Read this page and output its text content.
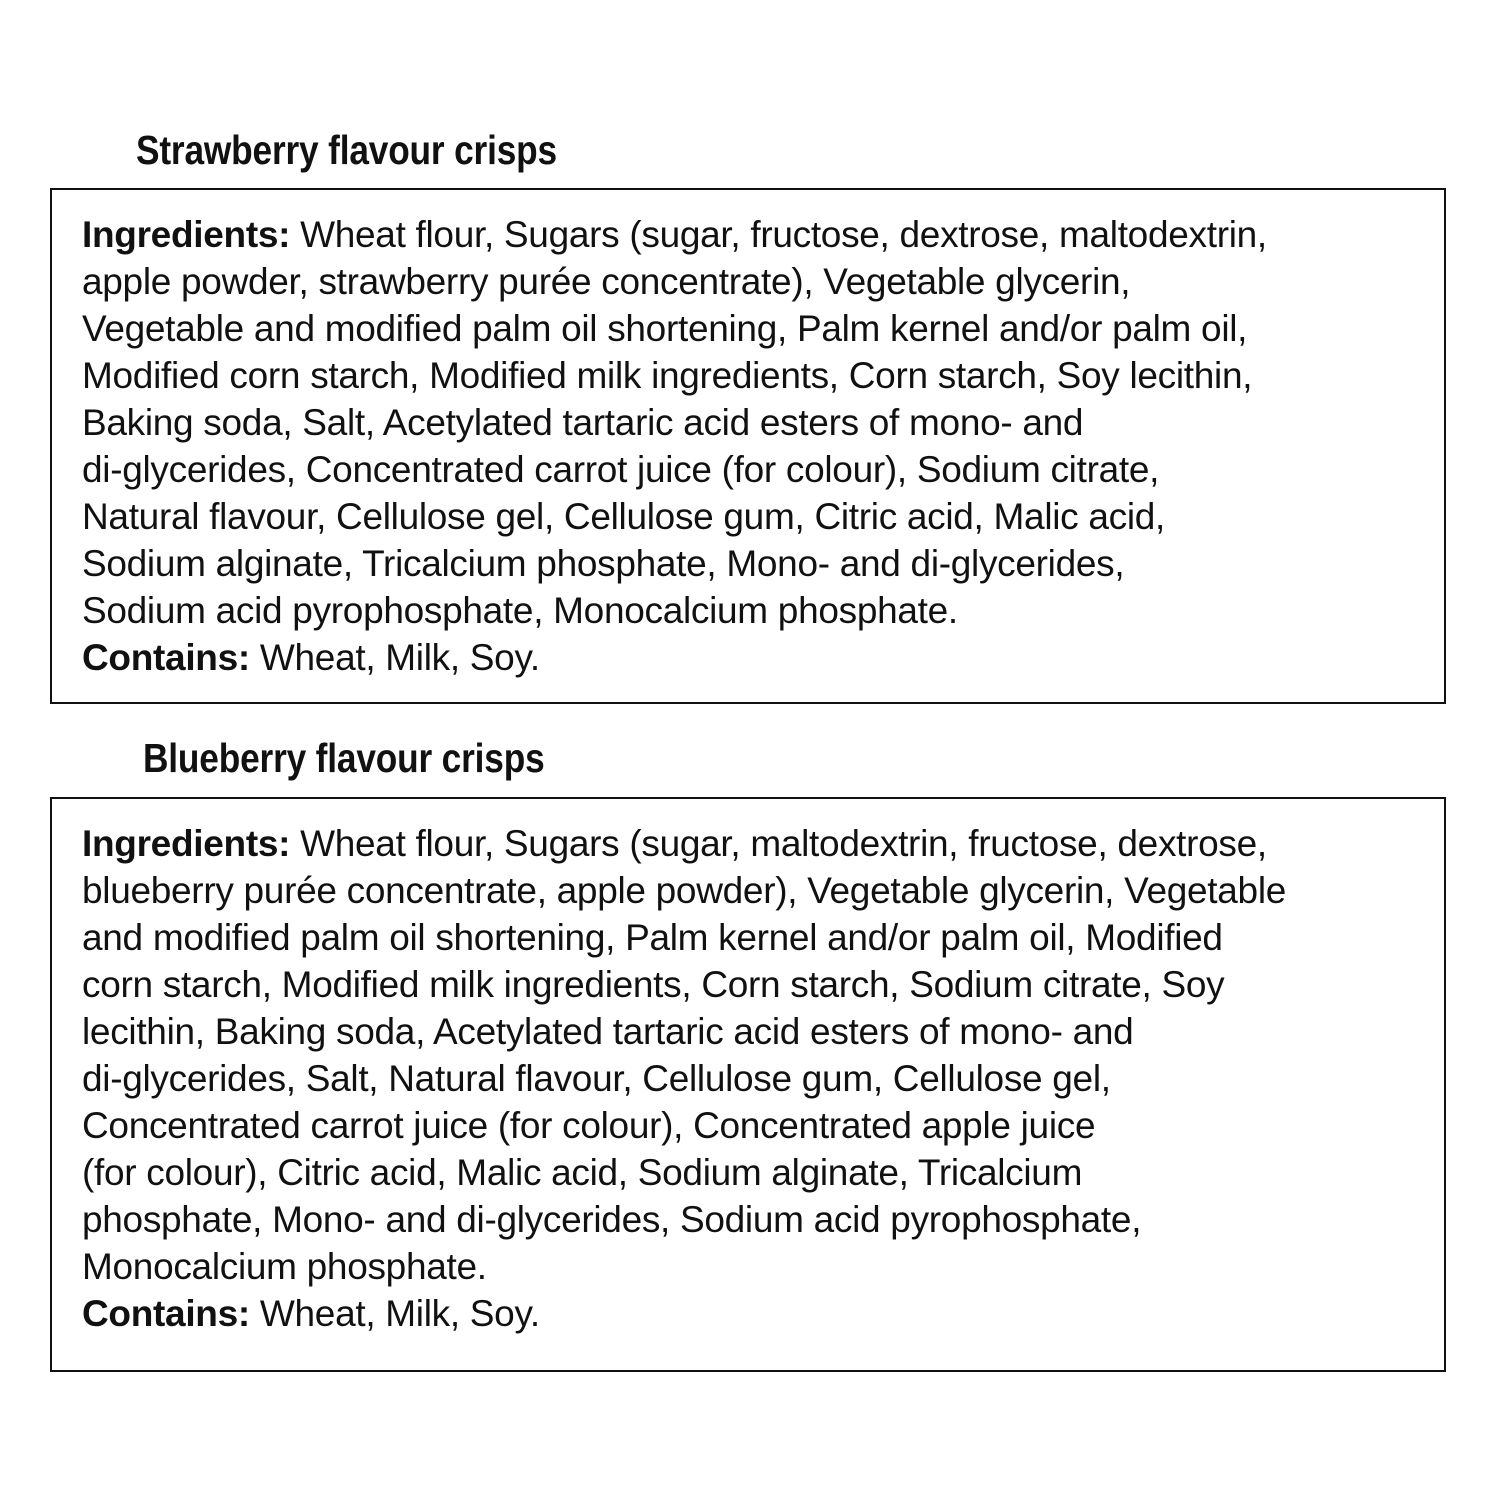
Strawberry flavour crisps
Ingredients: Wheat flour, Sugars (sugar, fructose, dextrose, maltodextrin,
apple powder, strawberry purée concentrate), Vegetable glycerin,
Vegetable and modified palm oil shortening, Palm kernel and/or palm oil,
Modified corn starch, Modified milk ingredients, Corn starch, Soy lecithin,
Baking soda, Salt, Acetylated tartaric acid esters of mono- and
di-glycerides, Concentrated carrot juice (for colour), Sodium citrate,
Natural flavour, Cellulose gel, Cellulose gum, Citric acid, Malic acid,
Sodium alginate, Tricalcium phosphate, Mono- and di-glycerides,
Sodium acid pyrophosphate, Monocalcium phosphate.
Contains: Wheat, Milk, Soy.
Blueberry flavour crisps
Ingredients: Wheat flour, Sugars (sugar, maltodextrin, fructose, dextrose,
blueberry purée concentrate, apple powder), Vegetable glycerin, Vegetable
and modified palm oil shortening, Palm kernel and/or palm oil, Modified
corn starch, Modified milk ingredients, Corn starch, Sodium citrate, Soy
lecithin, Baking soda, Acetylated tartaric acid esters of mono- and
di-glycerides, Salt, Natural flavour, Cellulose gum, Cellulose gel,
Concentrated carrot juice (for colour), Concentrated apple juice
(for colour), Citric acid, Malic acid, Sodium alginate, Tricalcium
phosphate, Mono- and di-glycerides, Sodium acid pyrophosphate,
Monocalcium phosphate.
Contains: Wheat, Milk, Soy.
